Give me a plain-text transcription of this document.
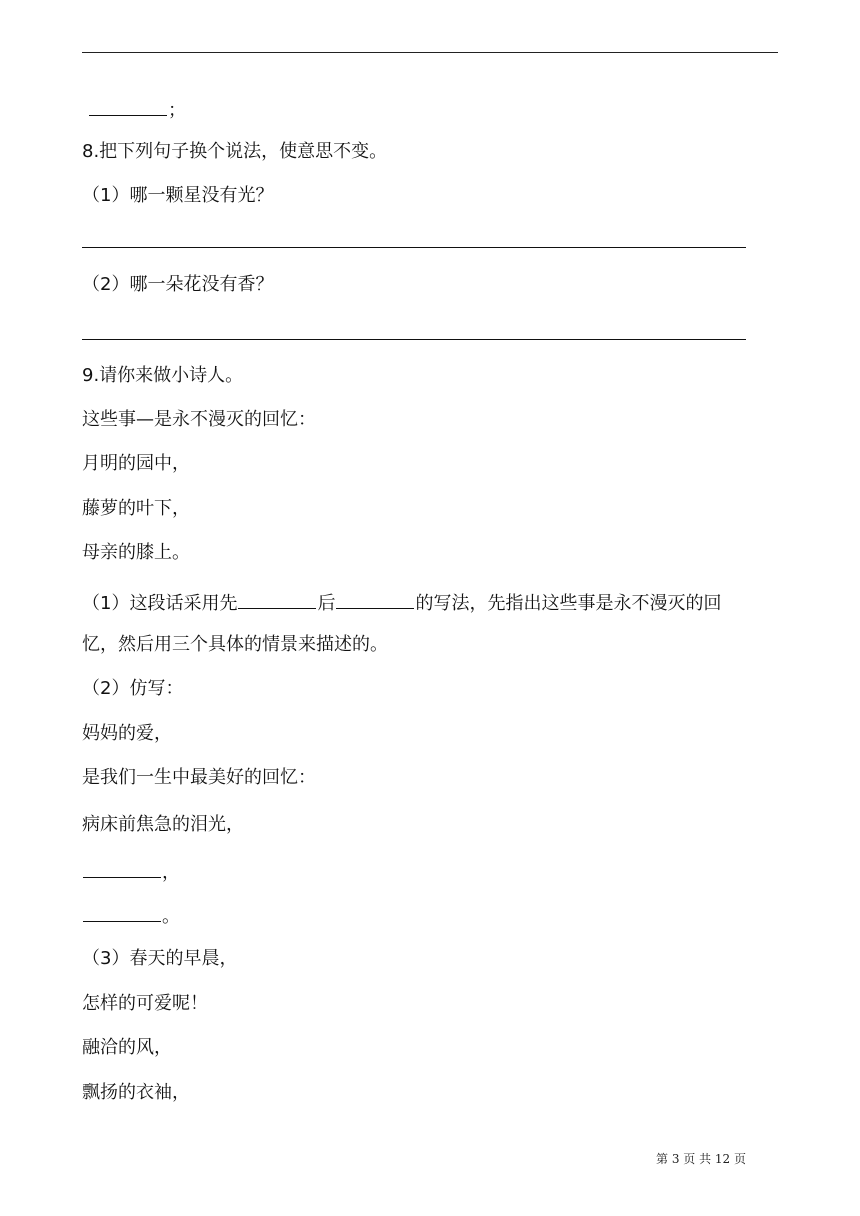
；
8.把下列句子换个说法，使意思不变。
（1）哪一颗星没有光？
（2）哪一朵花没有香？
9.请你来做小诗人。
这些事—是永不漫灭的回忆：
月明的园中，
藤萝的叶下，
母亲的膝上。
（1）这段话采用先	后	的写法，先指出这些事是永不漫灭的回
忆，然后用三个具体的情景来描述的。
（2）仿写：
妈妈的爱，
是我们一生中最美好的回忆：
病床前焦急的泪光，
，
。
（3）春天的早晨，
怎样的可爱呢！
融洽的风，
飘扬的衣袖，
第 3 页 共 12 页
